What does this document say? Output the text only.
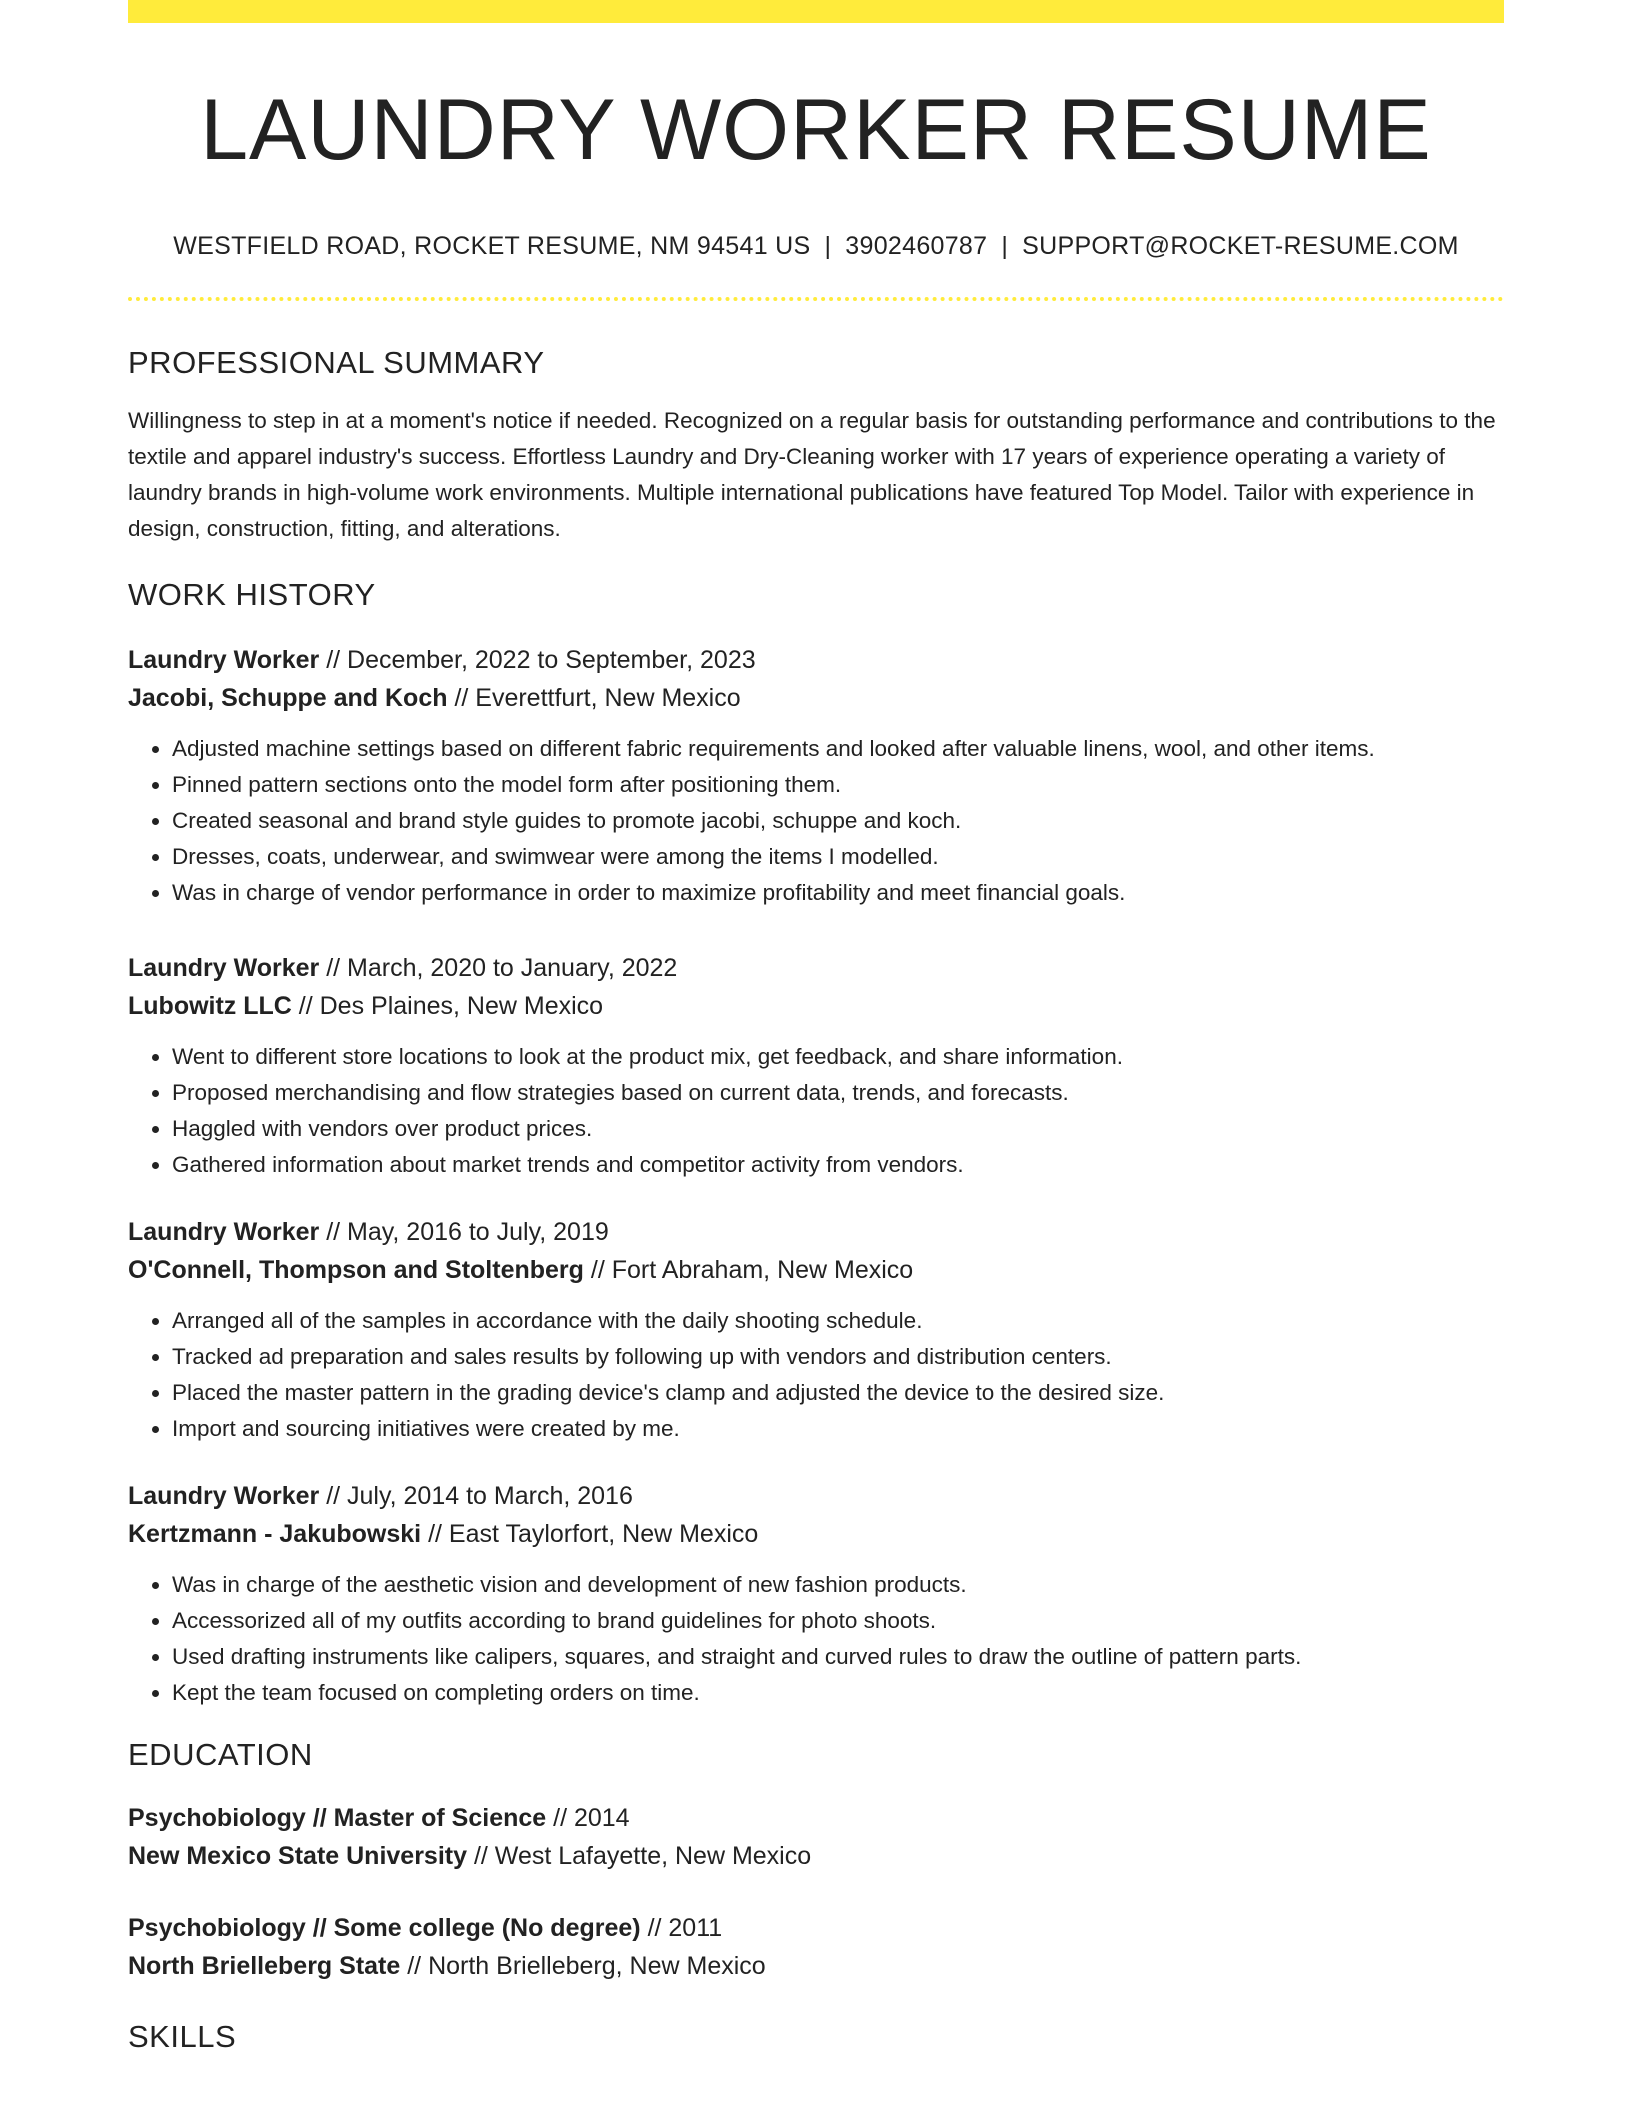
LAUNDRY WORKER RESUME
WESTFIELD ROAD, ROCKET RESUME, NM 94541 US | 3902460787 | SUPPORT@ROCKET-RESUME.COM
PROFESSIONAL SUMMARY

Willingness to step in at a moment's notice if needed. Recognized on a regular basis for outstanding performance and contributions to the textile and apparel industry's success. Effortless Laundry and Dry-Cleaning worker with 17 years of experience operating a variety of laundry brands in high-volume work environments. Multiple international publications have featured Top Model. Tailor with experience in design, construction, fitting, and alterations.

WORK HISTORY
Laundry Worker // December, 2022 to September, 2023
Jacobi, Schuppe and Koch // Everettfurt, New Mexico
• Adjusted machine settings based on different fabric requirements and looked after valuable linens, wool, and other items.
• Pinned pattern sections onto the model form after positioning them.
• Created seasonal and brand style guides to promote jacobi, schuppe and koch.
• Dresses, coats, underwear, and swimwear were among the items I modelled.
• Was in charge of vendor performance in order to maximize profitability and meet financial goals.
Laundry Worker // March, 2020 to January, 2022
Lubowitz LLC // Des Plaines, New Mexico
• Went to different store locations to look at the product mix, get feedback, and share information.
• Proposed merchandising and flow strategies based on current data, trends, and forecasts.
• Haggled with vendors over product prices.
• Gathered information about market trends and competitor activity from vendors.
Laundry Worker // May, 2016 to July, 2019
O'Connell, Thompson and Stoltenberg // Fort Abraham, New Mexico
• Arranged all of the samples in accordance with the daily shooting schedule.
• Tracked ad preparation and sales results by following up with vendors and distribution centers.
• Placed the master pattern in the grading device's clamp and adjusted the device to the desired size.
• Import and sourcing initiatives were created by me.
Laundry Worker // July, 2014 to March, 2016
Kertzmann - Jakubowski // East Taylorfort, New Mexico
• Was in charge of the aesthetic vision and development of new fashion products.
• Accessorized all of my outfits according to brand guidelines for photo shoots.
• Used drafting instruments like calipers, squares, and straight and curved rules to draw the outline of pattern parts.
• Kept the team focused on completing orders on time.
EDUCATION
Psychobiology // Master of Science // 2014
New Mexico State University // West Lafayette, New Mexico
Psychobiology // Some college (No degree) // 2011
North Brielleberg State // North Brielleberg, New Mexico
SKILLS
